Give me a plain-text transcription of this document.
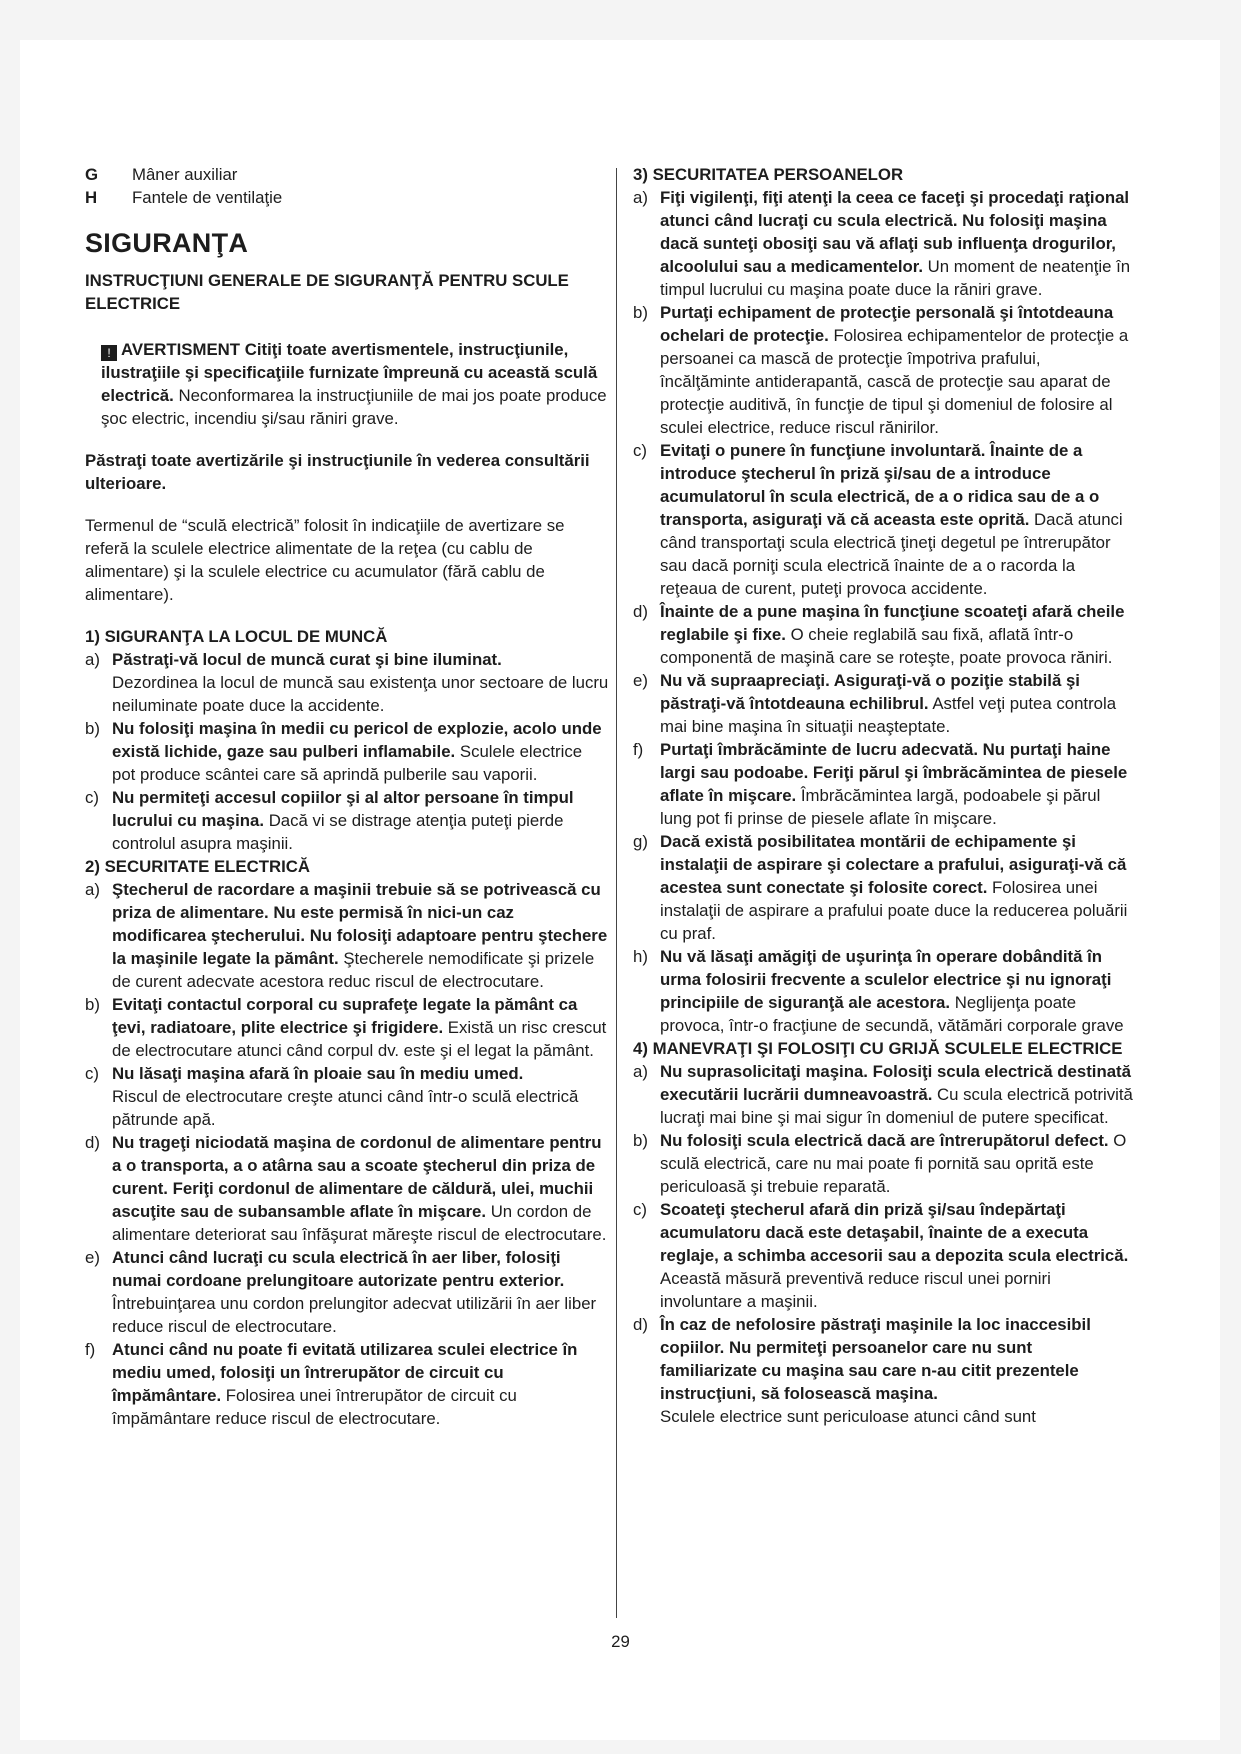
G	Mâner auxiliar
H	Fantele de ventilaţie
SIGURANŢA
INSTRUCŢIUNI GENERALE DE SIGURANŢĂ PENTRU SCULE ELECTRICE

! AVERTISMENT Citiţi toate avertismentele, instrucţiunile, ilustraţiile şi specificaţiile furnizate împreună cu această sculă electrică. Neconformarea la instrucţiuniile de mai jos poate produce şoc electric, incendiu şi/sau răniri grave.

Păstraţi toate avertizările şi instrucţiunile în vederea consultării ulterioare.

Termenul de “sculă electrică” folosit în indicaţiile de avertizare se referă la sculele electrice alimentate de la reţea (cu cablu de alimentare) şi la sculele electrice cu acumulator (fără cablu de alimentare).

1) SIGURANŢA LA LOCUL DE MUNCĂ
a) Păstraţi-vă locul de muncă curat şi bine iluminat.
Dezordinea la locul de muncă sau existenţa unor sectoare de lucru neiluminate poate duce la accidente.
b) Nu folosiţi maşina în medii cu pericol de explozie, acolo unde există lichide, gaze sau pulberi inflamabile. Sculele electrice pot produce scântei care să aprindă pulberile sau vaporii.
c) Nu permiteţi accesul copiilor şi al altor persoane în timpul lucrului cu maşina. Dacă vi se distrage atenţia puteţi pierde controlul asupra maşinii.
2) SECURITATE ELECTRICĂ
a) Ştecherul de racordare a maşinii trebuie să se potrivească cu priza de alimentare. Nu este permisă în nici-un caz modificarea ştecherului. Nu folosiţi adaptoare pentru ştechere la maşinile legate la pământ. Ştecherele nemodificate şi prizele de curent adecvate acestora reduc riscul de electrocutare.
b) Evitaţi contactul corporal cu suprafeţe legate la pământ ca ţevi, radiatoare, plite electrice şi frigidere. Există un risc crescut de electrocutare atunci când corpul dv. este şi el legat la pământ.
c) Nu lăsaţi maşina afară în ploaie sau în mediu umed.
Riscul de electrocutare creşte atunci când într-o sculă electrică pătrunde apă.
d) Nu trageţi niciodată maşina de cordonul de alimentare pentru a o transporta, a o atârna sau a scoate ştecherul din priza de curent. Feriţi cordonul de alimentare de căldură, ulei, muchii ascuţite sau de subansamble aflate în mişcare. Un cordon de alimentare deteriorat sau înfăşurat măreşte riscul de electrocutare.
e) Atunci când lucraţi cu scula electrică în aer liber, folosiţi numai cordoane prelungitoare autorizate pentru exterior. Întrebuinţarea unu cordon prelungitor adecvat utilizării în aer liber reduce riscul de electrocutare.
f) Atunci când nu poate fi evitată utilizarea sculei electrice în mediu umed, folosiţi un întrerupător de circuit cu împământare. Folosirea unei întrerupător de circuit cu împământare reduce riscul de electrocutare.
3) SECURITATEA PERSOANELOR
a) Fiţi vigilenţi, fiţi atenţi la ceea ce faceţi şi procedaţi raţional atunci când lucraţi cu scula electrică. Nu folosiţi maşina dacă sunteţi obosiţi sau vă aflaţi sub influenţa drogurilor, alcoolului sau a medicamentelor. Un moment de neatenţie în timpul lucrului cu maşina poate duce la răniri grave.
b) Purtaţi echipament de protecţie personală şi întotdeauna ochelari de protecţie. Folosirea echipamentelor de protecţie a persoanei ca mască de protecţie împotriva prafului, încălţăminte antiderapantă, cască de protecţie sau aparat de protecţie auditivă, în funcţie de tipul şi domeniul de folosire al sculei electrice, reduce riscul rănirilor.
c) Evitaţi o punere în funcţiune involuntară. Înainte de a introduce ştecherul în priză şi/sau de a introduce acumulatorul în scula electrică, de a o ridica sau de a o transporta, asiguraţi vă că aceasta este oprită. Dacă atunci când transportaţi scula electrică ţineţi degetul pe întrerupător sau dacă porniţi scula electrică înainte de a o racorda la reţeaua de curent, puteţi provoca accidente.
d) Înainte de a pune maşina în funcţiune scoateţi afară cheile reglabile şi fixe. O cheie reglabilă sau fixă, aflată într-o componentă de maşină care se roteşte, poate provoca răniri.
e) Nu vă supraapreciaţi. Asiguraţi-vă o poziţie stabilă şi păstraţi-vă întotdeauna echilibrul. Astfel veţi putea controla mai bine maşina în situaţii neaşteptate.
f) Purtaţi îmbrăcăminte de lucru adecvată. Nu purtaţi haine largi sau podoabe. Feriţi părul şi îmbrăcămintea de piesele aflate în mişcare. Îmbrăcămintea largă, podoabele şi părul lung pot fi prinse de piesele aflate în mişcare.
g) Dacă există posibilitatea montării de echipamente şi instalaţii de aspirare şi colectare a prafului, asiguraţi-vă că acestea sunt conectate şi folosite corect. Folosirea unei instalaţii de aspirare a prafului poate duce la reducerea poluării cu praf.
h) Nu vă lăsaţi amăgiţi de uşurinţa în operare dobândită în urma folosirii frecvente a sculelor electrice şi nu ignoraţi principiile de siguranţă ale acestora. Neglijenţa poate provoca, într-o fracţiune de secundă, vătămări corporale grave
4) MANEVRAŢI ŞI FOLOSIŢI CU GRIJĂ SCULELE ELECTRICE
a) Nu suprasolicitaţi maşina. Folosiţi scula electrică destinată executării lucrării dumneavoastră. Cu scula electrică potrivită lucraţi mai bine şi mai sigur în domeniul de putere specificat.
b) Nu folosiţi scula electrică dacă are întrerupătorul defect. O sculă electrică, care nu mai poate fi pornită sau oprită este periculoasă şi trebuie reparată.
c) Scoateţi ştecherul afară din priză şi/sau îndepărtaţi acumulatoru dacă este detaşabil, înainte de a executa reglaje, a schimba accesorii sau a depozita scula electrică. Această măsură preventivă reduce riscul unei porniri involuntare a maşinii.
d) În caz de nefolosire păstraţi maşinile la loc inaccesibil copiilor. Nu permiteţi persoanelor care nu sunt familiarizate cu maşina sau care n-au citit prezentele instrucţiuni, să folosească maşina.
Sculele electrice sunt periculoase atunci când sunt
29
